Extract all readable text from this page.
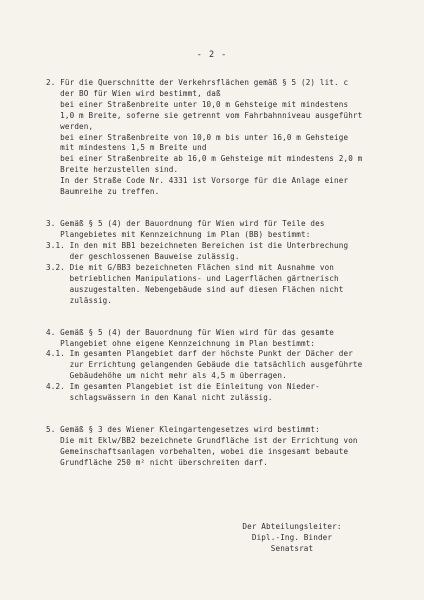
- 2 -
2. Für die Querschnitte der Verkehrsflächen gemäß § 5 (2) lit. c
der BO für Wien wird bestimmt, daß
bei einer Straßenbreite unter 10,0 m Gehsteige mit mindestens
1,0 m Breite, soferne sie getrennt vom Fahrbahnniveau ausgeführt
werden,
bei einer Straßenbreite von 10,0 m bis unter 16,0 m Gehsteige
mit mindestens 1,5 m Breite und
bei einer Straßenbreite ab 16,0 m Gehsteige mit mindestens 2,0 m
Breite herzustellen sind.
In der Straße Code Nr. 4331 ist Vorsorge für die Anlage einer
Baumreihe zu treffen.
3. Gemäß § 5 (4) der Bauordnung für Wien wird für Teile des
Plangebietes mit Kennzeichnung im Plan (BB) bestimmt:
3.1. In den mit BB1 bezeichneten Bereichen ist die Unterbrechung
der geschlossenen Bauweise zulässig.
3.2. Die mit G/BB3 bezeichneten Flächen sind mit Ausnahme von
betrieblichen Manipulations- und Lagerflächen gärtnerisch
auszugestalten. Nebengebäude sind auf diesen Flächen nicht
zulässig.
4. Gemäß § 5 (4) der Bauordnung für Wien wird für das gesamte
Plangebiet ohne eigene Kennzeichnung im Plan bestimmt:
4.1. Im gesamten Plangebiet darf der höchste Punkt der Dächer der
zur Errichtung gelangenden Gebäude die tatsächlich ausgeführte
Gebäudehöhe um nicht mehr als 4,5 m überragen.
4.2. Im gesamten Plangebiet ist die Einleitung von Nieder-
schlagswässern in den Kanal nicht zulässig.
5. Gemäß § 3 des Wiener Kleingartengesetzes wird bestimmt:
Die mit Eklw/BB2 bezeichnete Grundfläche ist der Errichtung von
Gemeinschaftsanlagen vorbehalten, wobei die insgesamt bebaute
Grundfläche 250 m² nicht überschreiten darf.
Der Abteilungsleiter:
Dipl.-Ing. Binder
Senatsrat
